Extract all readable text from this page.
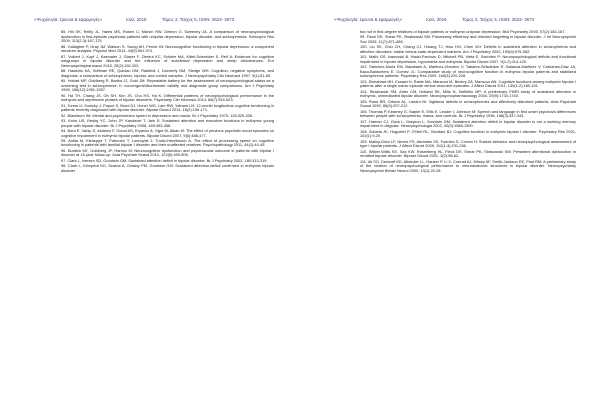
«Ψυχολογία: έρευνα & εφαρμογές»	Ιούλ, 2019	Τόμος 2, Τεύχος 5, ISSN: 2623- 3673
85. Hill SK, Reilly JL, Harris MS, Rosen C, Marvin RW, Deleon O, Sweeney JA. A comparison of neuropsychological dysfunction in first-episode psychosis patients with unipolar depression, bipolar disorder, and schizophrenia. Schizophr Res 2009, 113(2-3):167-175.
86. Gallagher P, Gray JM, Watson S, Young AH, Ferrier IN: Neurocognitive functioning in bipolar depression: a component structure analysis. Psychol Med 2014, 44(5):961-974.
87. Volkert J, Kopf J, Kazmaier J, Glaser F, Zierhut KC, Schiele MA, Kittel-Schneider S, Reif A: Evidence for cognitive subgroups in bipolar disorder and the influence of subclinical depression and sleep disturbances. Eur Neuropsychopharmacol 2015, 25(2):192-202.
88. Hawkins KA, Hoffman RE, Quinlan DM, Rakfeldt J, Docherty NM, Sledge WH: Cognition, negative symptoms, and diagnosis: a comparison of schizophrenic, bipolar, and control samples. J Neuropsychiatry Clin Neurosci 1997, 9(1):81-89.
89. Hobart MP, Goldberg R, Bartko JJ, Gold JM: Repeatable battery for the assessment of neuropsychological status as a screening test in schizophrenia, II: convergent/discriminant validity and diagnostic group comparisons. Am J Psychiatry 1999, 156(12):1951-1957.
90. Ha TH, Chang JS, Oh SH, Kim JS, Cho HS, Ha K: Differential patterns of neuropsychological performance in the euthymic and depressive phases of bipolar disorders. Psychiatry Clin Neurosci 2014, 68(7):515-523.
91. Torres IJ, Kozicky J, Popuri S, Bond DJ, Honer WG, Lam RW, Yatham LN: 12-month longitudinal cognitive functioning in patients recently diagnosed with bipolar disorder. Bipolar Disord 2014, 16(2):159-171.
92. Blackburn IM: Mental and psychomotor speed in depression and mania. Br J Psychiatry 1975, 126:329-335.
93. Kolur US, Reddy YC, John JP, Kandavel T, Jain S: Sustained attention and executive functions in euthymic young people with bipolar disorder. Br J Psychiatry 2006, 189:453-458.
94. Bora E, Vahip S, Akdeniz F, Gonul AS, Eryavuz A, Ogut M, Alkan M: The effect of previous psychotic mood episodes on cognitive impairment in euthymic bipolar patients. Bipolar Disord 2007, 9(5):468-477.
95. Antila M, Kieseppa T, Partonen T, Lonnqvist J, Tuulio-Henriksson A: The effect of processing speed on cognitive functioning in patients with familial bipolar I disorder and their unaffected relatives. Psychopathology 2011, 44(1):40-45.
96. Burdick KE, Goldberg JF, Harrow M: Neurocognitive dysfunction and psychosocial outcome in patients with bipolar I disorder at 15-year follow-up. Acta Psychiatr Scand 2010, 122(6):499-506.
97. Clark L, Iversen SD, Goodwin GM: Sustained attention deficit in bipolar disorder. Br J Psychiatry 2002, 180:313-319.
98. Clark L, Kempton MJ, Scarna A, Grasby PM, Goodwin GM: Sustained attention-deficit confirmed in euthymic bipolar disorder
«Ψυχολογία: έρευνα & εφαρμογές»	Ιούλ, 2019	Τόμος 2, Τεύχος 5, ISSN: 2623- 3673
but not in first-degree relatives of bipolar patients or euthymic unipolar depression. Biol Psychiatry 2005, 57(2):183-187.
99. Fleck DE, Shear PK, Strakowski SM: Processing efficiency and directed forgetting in bipolar disorder. J Int Neuropsychol Soc 2005, 11(7):871-880.
100. Liu SK, Chiu CH, Chang CJ, Hwang TJ, Hwu HG, Chen WJ: Deficits in sustained attention in schizophrenia and affective disorders: stable versus state-dependent markers. Am J Psychiatry 2002, 159(6):975-982.
101. Malhi GS, Ivanovski B, Hadzi-Pavlovic D, Mitchell PB, Vieta E, Sachdev P: Neuropsychological deficits and functional impairment in bipolar depression, hypomania and euthymia. Bipolar Disord 2007, 9(1-2):114-125.
102. Sanchez-Morla EM, Barabash A, Martinez-Vizcaino V, Tabares-Seisdedos R, Balanza-Martinez V, Cabranes-Diaz JA, Baca-Baldomero E, Gomez JL: Comparative study of neurocognitive function in euthymic bipolar patients and stabilized schizophrenic patients. Psychiatry Res 2009, 169(3):220-228.
103. Elshahawi HH, Essawi H, Rabie MA, Mansour M, Beshry ZA, Mansour AN: Cognitive functions among euthymic bipolar I patients after a single manic episode versus recurrent episodes. J Affect Disord 2011, 130(1-2):180-191.
104. Strakowski SM, Adler CM, Holland SK, Mills N, DelBello MP: A preliminary FMRI study of sustained attention in euthymic, unmedicated bipolar disorder. Neuropsychopharmacology 2004, 29(9):1734-1740.
105. Rund BR, Orbeck AL, Landro NI: Vigilance deficits in schizophrenics and affectively disturbed patients. Acta Psychiatr Scand 1992, 86(3):207-212.
106. Thomas P, Kearney G, Napier E, Ellis E, Leuder I, Johnson M: Speech and language in first onset psychosis differences between people with schizophrenia, mania, and controls. Br J Psychiatry 1996, 168(3):337-343.
107. Harmer CJ, Clark L, Grayson L, Goodwin GM: Sustained attention deficit in bipolar disorder is not a working memory impairment in disguise. Neuropsychologia 2002, 40(9):1586-1590.
108. Zubieta JK, Huguelet P, O'Neil RL, Giordani BJ: Cognitive function in euthymic bipolar I disorder. Psychiatry Res 2001, 102(1):9-20.
109. Malloy-Diniz LF, Neves FS, Abrantes SS, Fuentes D, Correa H: Suicide behavior and neuropsychological assessment of type I bipolar patients. J Affect Disord 2009, 112(1-3):231-236.
110. Wilder-Willis KE, Sax KW, Rosenberg HL, Fleck DE, Shear PK, Strakowski SM: Persistent attentional dysfunction in remitted bipolar disorder. Bipolar Disord 2001, 3(2):58-62.
111. Ali SO, Denicoff KD, Altshuler LL, Hauser P, Li X, Conrad AJ, Mirsky AF, Smith-Jackson EE, Post RM: A preliminary study of the relation of neuropsychological performance to neuroanatomic structures in bipolar disorder. Neuropsychiatry Neuropsychol Behav Neurol 2000, 13(1):20-28.
